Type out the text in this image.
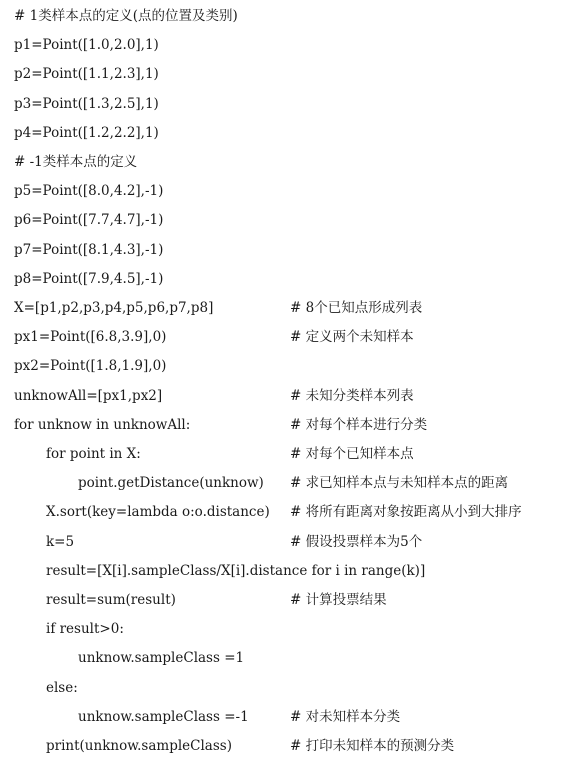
# 1类样本点的定义(点的位置及类别)
p1=Point([1.0,2.0],1)
p2=Point([1.1,2.3],1)
p3=Point([1.3,2.5],1)
p4=Point([1.2,2.2],1)
# -1类样本点的定义
p5=Point([8.0,4.2],-1)
p6=Point([7.7,4.7],-1)
p7=Point([8.1,4.3],-1)
p8=Point([7.9,4.5],-1)
X=[p1,p2,p3,p4,p5,p6,p7,p8]	# 8个已知点形成列表
px1=Point([6.8,3.9],0)	# 定义两个未知样本
px2=Point([1.8,1.9],0)
unknowAll=[px1,px2]	# 未知分类样本列表
for unknow in unknowAll:	# 对每个样本进行分类
for point in X:	# 对每个已知样本点
point.getDistance(unknow) # 求已知样本点与未知样本点的距离
X.sort(key=lambda o:o.distance) # 将所有距离对象按距离从小到大排序
k=5	# 假设投票样本为5个
result=[X[i].sampleClass/X[i].distance for i in range(k)]
result=sum(result)	# 计算投票结果
if result>0:
unknow.sampleClass =1
else:
unknow.sampleClass =-1	# 对未知样本分类
print(unknow.sampleClass)	# 打印未知样本的预测分类
